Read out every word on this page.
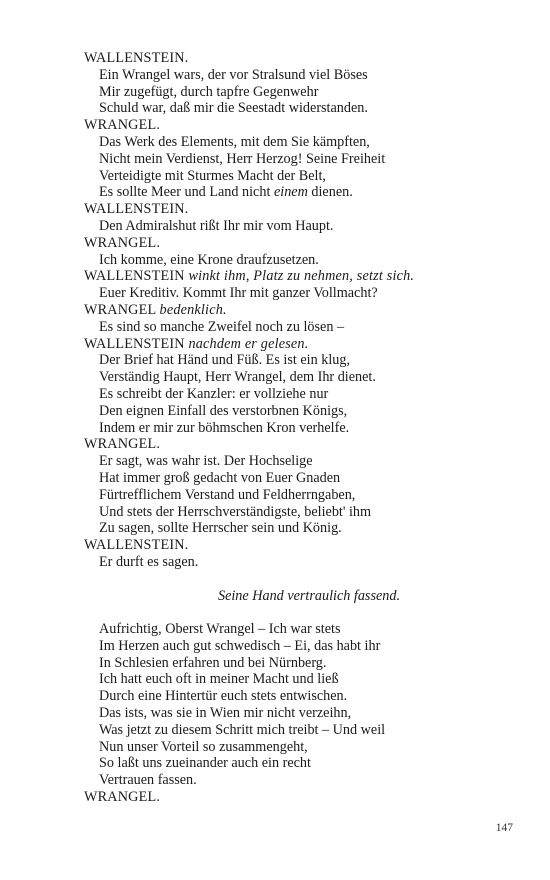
WALLENSTEIN.
Ein Wrangel wars, der vor Stralsund viel Böses
Mir zugefügt, durch tapfre Gegenwehr
Schuld war, daß mir die Seestadt widerstanden.
WRANGEL.
Das Werk des Elements, mit dem Sie kämpften,
Nicht mein Verdienst, Herr Herzog! Seine Freiheit
Verteidigte mit Sturmes Macht der Belt,
Es sollte Meer und Land nicht einem dienen.
WALLENSTEIN.
Den Admiralshut rißt Ihr mir vom Haupt.
WRANGEL.
Ich komme, eine Krone draufzusetzen.
WALLENSTEIN winkt ihm, Platz zu nehmen, setzt sich.
Euer Kreditiv. Kommt Ihr mit ganzer Vollmacht?
WRANGEL bedenklich.
Es sind so manche Zweifel noch zu lösen –
WALLENSTEIN nachdem er gelesen.
Der Brief hat Händ und Füß. Es ist ein klug,
Verständig Haupt, Herr Wrangel, dem Ihr dienet.
Es schreibt der Kanzler: er vollziehe nur
Den eignen Einfall des verstorbnen Königs,
Indem er mir zur böhmschen Kron verhelfe.
WRANGEL.
Er sagt, was wahr ist. Der Hochselige
Hat immer groß gedacht von Euer Gnaden
Fürtrefflichem Verstand und Feldherrngaben,
Und stets der Herrschverständigste, beliebt' ihm
Zu sagen, sollte Herrscher sein und König.
WALLENSTEIN.
Er durft es sagen.
Seine Hand vertraulich fassend.
Aufrichtig, Oberst Wrangel – Ich war stets
Im Herzen auch gut schwedisch – Ei, das habt ihr
In Schlesien erfahren und bei Nürnberg.
Ich hatt euch oft in meiner Macht und ließ
Durch eine Hintertür euch stets entwischen.
Das ists, was sie in Wien mir nicht verzeihn,
Was jetzt zu diesem Schritt mich treibt – Und weil
Nun unser Vorteil so zusammengeht,
So laßt uns zueinander auch ein recht
Vertrauen fassen.
WRANGEL.
147
